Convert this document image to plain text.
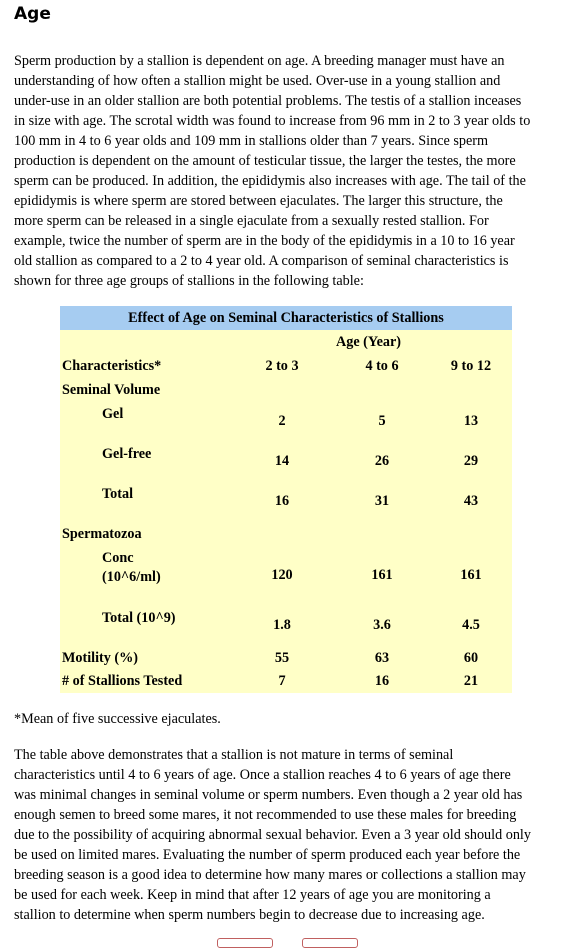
Age

Sperm production by a stallion is dependent on age. A breeding manager must have an
understanding of how often a stallion might be used. Over-use in a young stallion and
under-use in an older stallion are both potential problems. The testis of a stallion inceases
in size with age. The scrotal width was found to increase from 96 mm in 2 to 3 year olds to
100 mm in 4 to 6 year olds and 109 mm in stallions older than 7 years. Since sperm
production is dependent on the amount of testicular tissue, the larger the testes, the more
sperm can be produced. In addition, the epididymis also increases with age. The tail of the
epididymis is where sperm are stored between ejaculates. The larger this structure, the
more sperm can be released in a single ejaculate from a sexually rested stallion. For
example, twice the number of sperm are in the body of the epididymis in a 10 to 16 year
old stallion as compared to a 2 to 4 year old. A comparison of seminal characteristics is
shown for three age groups of stallions in the following table:

Effect of Age on Seminal Characteristics of Stallions
Age (Year)
Characteristics*	2 to 3	4 to 6	9 to 12
Seminal Volume
Gel	2	5	13
Gel-free	14	26	29
Total	16	31	43
Spermatozoa
Conc
(10^6/ml)	120	161	161
Total (10^9)	1.8	3.6	4.5
Motility (%)	55	63	60
# of Stallions Tested	7	16	21

*Mean of five successive ejaculates.

The table above demonstrates that a stallion is not mature in terms of seminal
characteristics until 4 to 6 years of age. Once a stallion reaches 4 to 6 years of age there
was minimal changes in seminal volume or sperm numbers. Even though a 2 year old has
enough semen to breed some mares, it not recommended to use these males for breeding
due to the possibility of acquiring abnormal sexual behavior. Even a 3 year old should only
be used on limited mares. Evaluating the number of sperm produced each year before the
breeding season is a good idea to determine how many mares or collections a stallion may
be used for each week. Keep in mind that after 12 years of age you are monitoring a
stallion to determine when sperm numbers begin to decrease due to increasing age.
